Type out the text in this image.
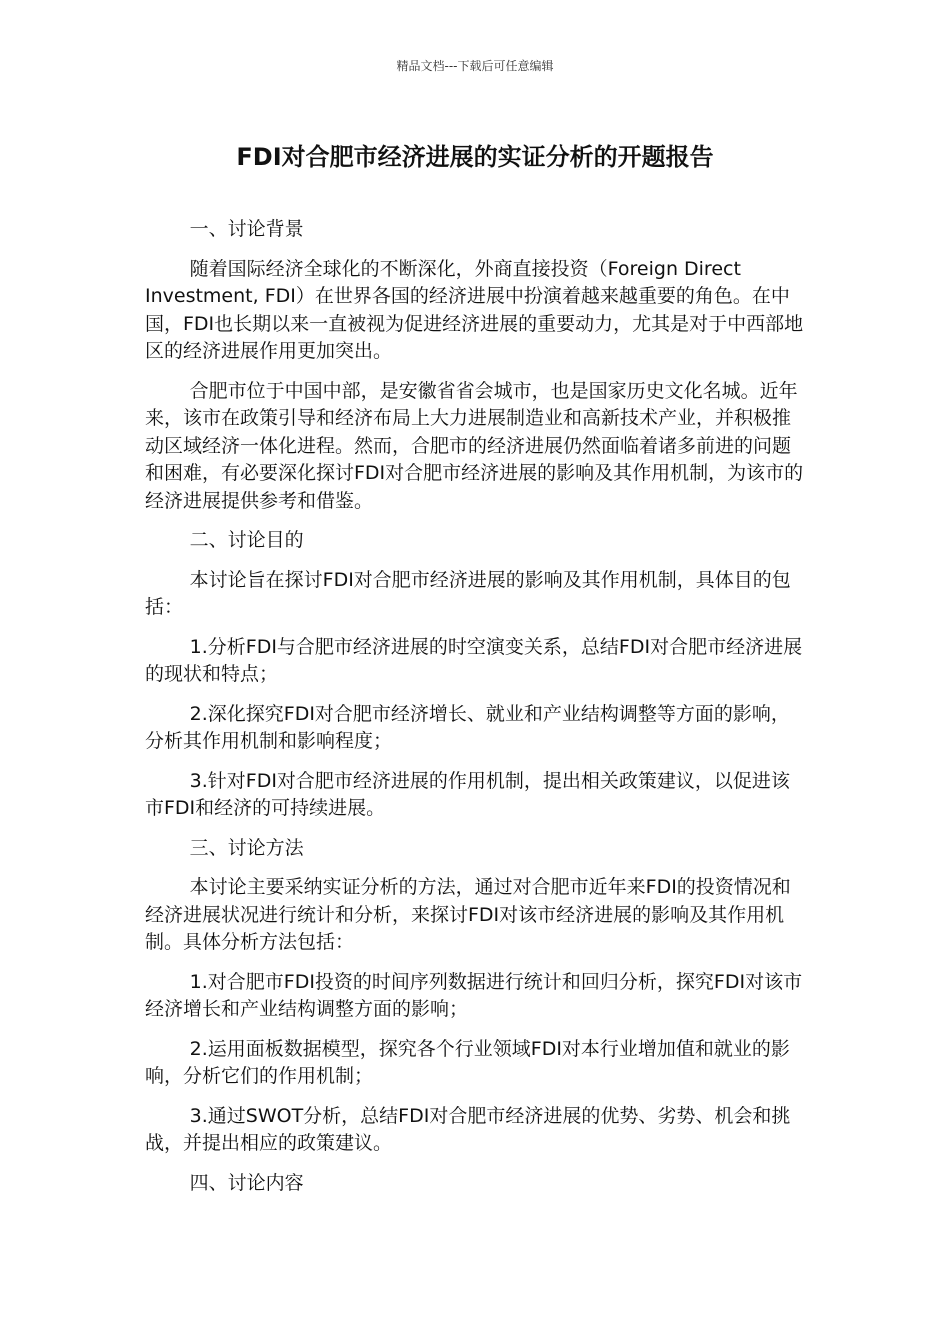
精品文档---下载后可任意编辑
FDI对合肥市经济进展的实证分析的开题报告

一、讨论背景

随着国际经济全球化的不断深化，外商直接投资（Foreign Direct Investment, FDI）在世界各国的经济进展中扮演着越来越重要的角色。在中国，FDI也长期以来一直被视为促进经济进展的重要动力，尤其是对于中西部地区的经济进展作用更加突出。

合肥市位于中国中部，是安徽省省会城市，也是国家历史文化名城。近年来，该市在政策引导和经济布局上大力进展制造业和高新技术产业，并积极推动区域经济一体化进程。然而，合肥市的经济进展仍然面临着诸多前进的问题和困难，有必要深化探讨FDI对合肥市经济进展的影响及其作用机制，为该市的经济进展提供参考和借鉴。

二、讨论目的

本讨论旨在探讨FDI对合肥市经济进展的影响及其作用机制，具体目的包括：

1.分析FDI与合肥市经济进展的时空演变关系，总结FDI对合肥市经济进展的现状和特点；

2.深化探究FDI对合肥市经济增长、就业和产业结构调整等方面的影响，分析其作用机制和影响程度；

3.针对FDI对合肥市经济进展的作用机制，提出相关政策建议，以促进该市FDI和经济的可持续进展。

三、讨论方法

本讨论主要采纳实证分析的方法，通过对合肥市近年来FDI的投资情况和经济进展状况进行统计和分析，来探讨FDI对该市经济进展的影响及其作用机制。具体分析方法包括：

1.对合肥市FDI投资的时间序列数据进行统计和回归分析，探究FDI对该市经济增长和产业结构调整方面的影响；

2.运用面板数据模型，探究各个行业领域FDI对本行业增加值和就业的影响，分析它们的作用机制；

3.通过SWOT分析，总结FDI对合肥市经济进展的优势、劣势、机会和挑战，并提出相应的政策建议。

四、讨论内容
